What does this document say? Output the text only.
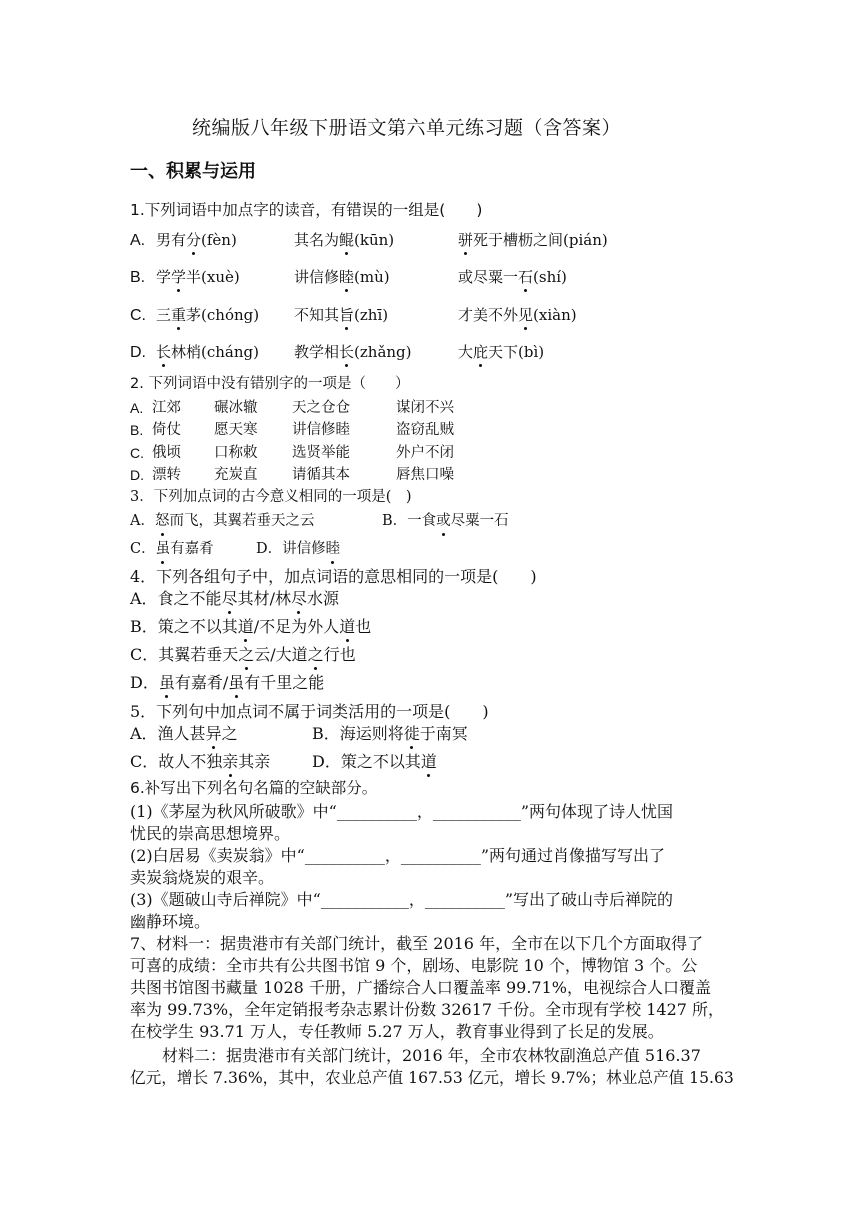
统编版八年级下册语文第六单元练习题（含答案）
一、积累与运用
1.下列词语中加点字的读音，有错误的一组是(　　)
A. 男有分(fèn)	其名为鲲(kūn)	骈死于槽枥之间(pián)
B. 学学半(xuè)	讲信修睦(mù)	或尽粟一石(shí)
C. 三重茅(chóng) 不知其旨(zhī)	才美不外见(xiàn)
D. 长林梢(cháng) 教学相长(zhǎng)	大庇天下(bì)
2. 下列词语中没有错别字的一项是（　　）
A. 江郊 碾冰辙 天之仓仓	谋闭不兴
B. 倚仗 愿天寒 讲信修睦	盗窃乱贼
C. 俄顷 口称敕 选贤举能	外户不闭
D. 漂转 充炭直 请循其本	唇焦口噪
3．下列加点词的古今意义相同的一项是(　)
A．怒而飞，其翼若垂天之云	B．一食或尽粟一石
C．虽有嘉肴	D．讲信修睦
4．下列各组句子中，加点词语的意思相同的一项是(　　)
A．食之不能尽其材/林尽水源
B．策之不以其道/不足为外人道也
C．其翼若垂天之云/大道之行也
D．虽有嘉肴/虽有千里之能
5．下列句中加点词不属于词类活用的一项是(　　)
A．渔人甚异之	B．海运则将徙于南冥
C．故人不独亲其亲	D．策之不以其道
6.补写出下列名句名篇的空缺部分。
(1)《茅屋为秋风所破歌》中“__________，___________”两句体现了诗人忧国
忧民的崇高思想境界。
(2)白居易《卖炭翁》中“__________，__________”两句通过肖像描写写出了
卖炭翁烧炭的艰辛。
(3)《题破山寺后禅院》中“___________，__________”写出了破山寺后禅院的
幽静环境。
7、材料一：据贵港市有关部门统计，截至 2016 年，全市在以下几个方面取得了
可喜的成绩：全市共有公共图书馆 9 个，剧场、电影院 10 个，博物馆 3 个。公
共图书馆图书藏量 1028 千册，广播综合人口覆盖率 99.71%，电视综合人口覆盖
率为 99.73%，全年定销报考杂志累计份数 32617 千份。全市现有学校 1427 所，
在校学生 93.71 万人，专任教师 5.27 万人，教育事业得到了长足的发展。
　　材料二：据贵港市有关部门统计，2016 年，全市农林牧副渔总产值 516.37
亿元，增长 7.36%，其中，农业总产值 167.53 亿元，增长 9.7%；林业总产值 15.63
